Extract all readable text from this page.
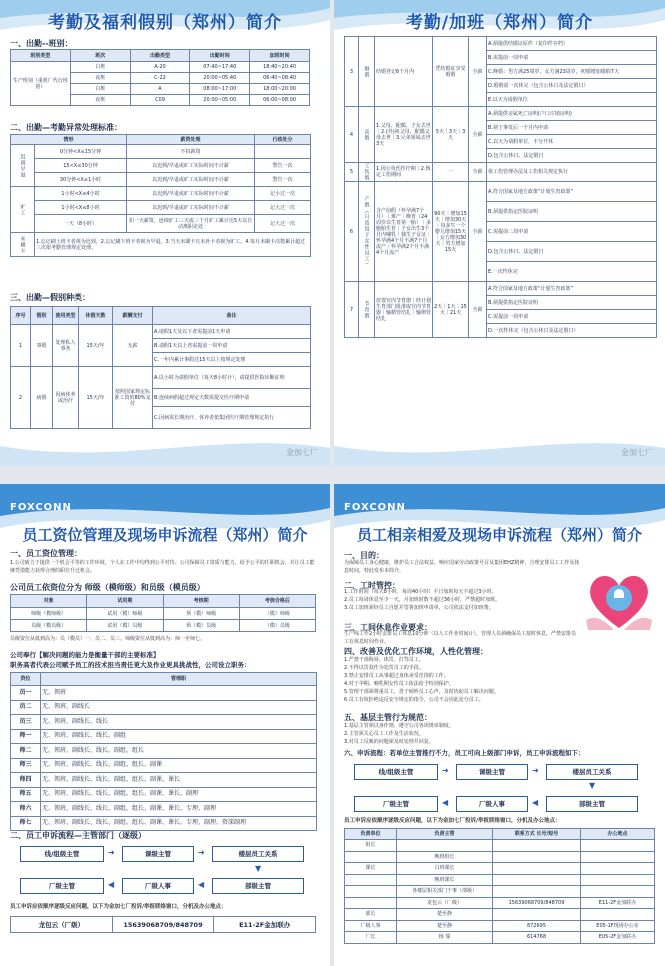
考勤及福利假别（郑州）简介
一、出勤--班别：
班别类型	班次	出勤类型	出勤时间	加班时间
生产班别（重机厂代行班别）	白班	A-20	07:40~17:40	18:40~20:40
	夜班	C-22	20:00~05:40	06:40~08:40
	白班	A	08:00~17:00	18:00~20:00
	夜班	C09	20:00~05:00	06:00~08:00
二、出勤—考勤异常处理标准：
情形		薪资处理	行政处分
迟到早退	0分钟<X≤15分钟	不扣薪资	
	15<X≤30分钟	以迟到/早退或旷工实际时间不计薪	警告一次
	30分钟<X≤1小时	以迟到/早退或旷工实际时间不计薪	警告一次
旷工	1小时<X≤4小时	以迟到/早退或旷工实际时间不计薪	记小过一次
	1小时<X≤8小时	以迟到/早退或旷工实际时间不计薪	记大过一次
	一天（8小时）	扣一天薪资，连续旷工三天或三个月旷工累计达5天以自动离职论处	记大过一次
未刷卡	1.忘记刷上班卡者视为迟到。2.忘记刷下班卡者视为早退。3.当天未刷卡且未补卡者视为旷工。4.每月未刷卡次数累计超过三次依考勤管理规定处理。		
三、出勤—假别种类：
序号	假别	使用类型	休假天数	薪酬支付	备注
1	事假	处理私人事务	15天/年	无薪	A.请假1天及以下者需提前1天申请
					B.请假1天以上者需提前一周申请
					C.一年内累计事假达15天以上按规定处理
2	病假	因病休养或治疗	15天/年	按照国家规定标准工资的80%支付	A.以小时为请假单位（每天8小时计），请提供医院诊断证明
					B.连续病假超过规定天数需提交医疗期申请
					C.因病需长期治疗，休养者依集团医疗期管理规定执行
金加七厂
考勤/加班（郑州）简介
3	婚假	结婚登记6个月内	凭结婚证享受婚假	全薪	A.须提供结婚证原件（复印件存档）
					B.需提前一周申请
					C.晚婚：男方满25周岁，女方满23周岁，初婚增加婚假7天
					D.婚假需一次休完（包含公休日及法定假日）
					E.以天为请假单位
4	丧假	1.父母、配偶、子女去世｜2.(外)祖父母、配偶父母去世｜3.兄弟姐妹去世3天	5天｜3天｜3天	全薪	A.须提供亲属死亡证明(户口注销证明)
					B.须于事发后一个月内申请
					C.以天为请假单位，不分开休
					D.包含公休日、法定假日
5	工伤假	1.因公负伤医疗期｜2.核定工伤期间	一	全薪	依工伤管理办法及工伤相关规定执行
6	产假（只适用于女性员工）	含产前假（怀孕满7个月）｜难产｜晚育（24周岁以生育第一胎）｜多胞胎生育｜子女出生3个月内哺乳｜独生子女证｜怀孕满4个月不满7个月流产｜怀孕满2个月不满4个月流产	90天｜增加15天｜增加30天｜每多生一个婴儿增加15天｜女方增加30天｜男方增加15天	全薪	A.符合国家及地方政策“计划生育政策”
					B.须提供指定医院证明
					C.需提前二周申请
					D.包含公休日、法定假日
					E.一次性休完
7	节育假	放置宫内节育器｜经计划生育部门批准取宫内节育器｜输精管结扎｜输卵管结扎	2天｜1天｜15天｜21天	全薪	A.符合国家及地方政策“计划生育政策”
					B.须提供指定医院证明
					C.需提前一周申请
					D.一次性休完（包含公休日及法定假日）
金加七厂
FOXCONN
员工资位管理及现场申诉流程（郑州）简介
一、员工资位管理：
1.公司致力于提供一个机会平等的工作环境，个人在工作中均得到公平对待。公司保障员工资质与能力，给予公平的任职机会，并让员工能够凭借能力获得合理的职位升迁机会。
公司员工依资位分为 师级（模师级）和员级（模员级）
对象	试用期	考核期	考核合格后
师级（模师级）	试用（模）师级	预（模）师级	（模）师级
员级（模员级）	试用（模）员级	预（模）员级	（模）员级
员级资位从低到高为：员（模员）一、员二、员三。师级资位从低到高为：师一至师七。
公司奉行【解决问题的能力是衡量干部的主要标准】
职务高者代表公司赋予员工的技术担当责任更大及作业更具挑战性，公司设立职务：
资位	管理职
员一	无、领班
员二	无、领班、副线长
员三	无、领班、副线长、线长
师一	无、领班、副线长、线长、副组
师二	无、领班、副线长、线长、副组、组长
师三	无、领班、副线长、线长、副组、组长、副课
师四	无、领班、副线长、线长、副组、组长、副课、课长
师五	无、领班、副线长、线长、副组、组长、副课、课长、副理
师六	无、领班、副线长、线长、副组、组长、副课、课长、专理、副理
师七	无、领班、副线长、线长、副组、组长、副课、课长、专理、副理、资深副理
二、员工申诉流程—主管部门（逐级）
线/组级主管	➜	课级主管	➜	楼层员工关系
▼
厂级主管	◀	厂级人事	◀	部级主管
员工申诉应依顺序逐级反应问题，以下为金加七厂投诉/举报联络窗口，分机及办公地点：
龙包云（厂级）	15639068709/848709	E11-2F金加联办
FOXCONN
员工相亲相爱及现场申诉流程（郑州）简介
一、目的：
为保障员工身心健康，维护员工合法权益，响应国家劳动政策号召及集团EHZ精神，合理安排员工工作及休息时间，特此发布本简介。
二、工时管控：
1.工作时间（每天8小时，每周40小时）平日加班每天不超过3小时。
2.员工每周休息至少一天，月加班时数不超过36小时，严禁超时加班。
3.员工加班须经员工自愿并签署加班申请单，公司依法支付加班费。
三、工间休息作业要求：
生产线工作2小时安排员工休息10分钟（以人工作业时间计），管理人员须确保员工按时休息，严禁安排员工在休息时间作业。
四、改善及优化工作环境，人性化管理：
1.严禁干部侮辱、体罚、打骂员工。
2.不得以罚款作为处罚员工的手段。
3.禁止安排员工从事超过身体承受范围的工作。
4.对于孕期、哺乳期女性员工依法给予特别保护。
5.管理干部须尊重员工，善于倾听员工心声，及时协助员工解决问题。
6.员工有权拒绝违反安全规定的指令，公司不会因此处分员工。
五、基层主管行为规范：
1.基层主管须以身作则，遵守公司各项规章制度。
2.主管须关心员工工作及生活状况。
3.对员工反映的问题须及时处理并回复。
六、申诉流程：若单位主管推行不力，员工可向上级部门申诉，员工申诉流程如下：
线/组级主管	➜	课级主管	➜	楼层员工关系
▼
厂级主管	◀	厂级人事	◀	部级主管
员工申诉应依顺序逐级反应问题，以下为金加七厂投诉/举报联络窗口，分机及办公地点：
负责单位	负责主管	联系方式 长号/短号	办公地点
组长			
	晚班组长		
课长	白班课长		
	晚班课长		
	各楼层相关部门干事（部级）		
	龙包云（厂级）	15639068709/848709	E11-2F金加联办
部长	楚至静		
厂级人事	楚至静	872695	E05-1F现场办公室
厂长	杨 瑞	614768	E05-2F金加联办
